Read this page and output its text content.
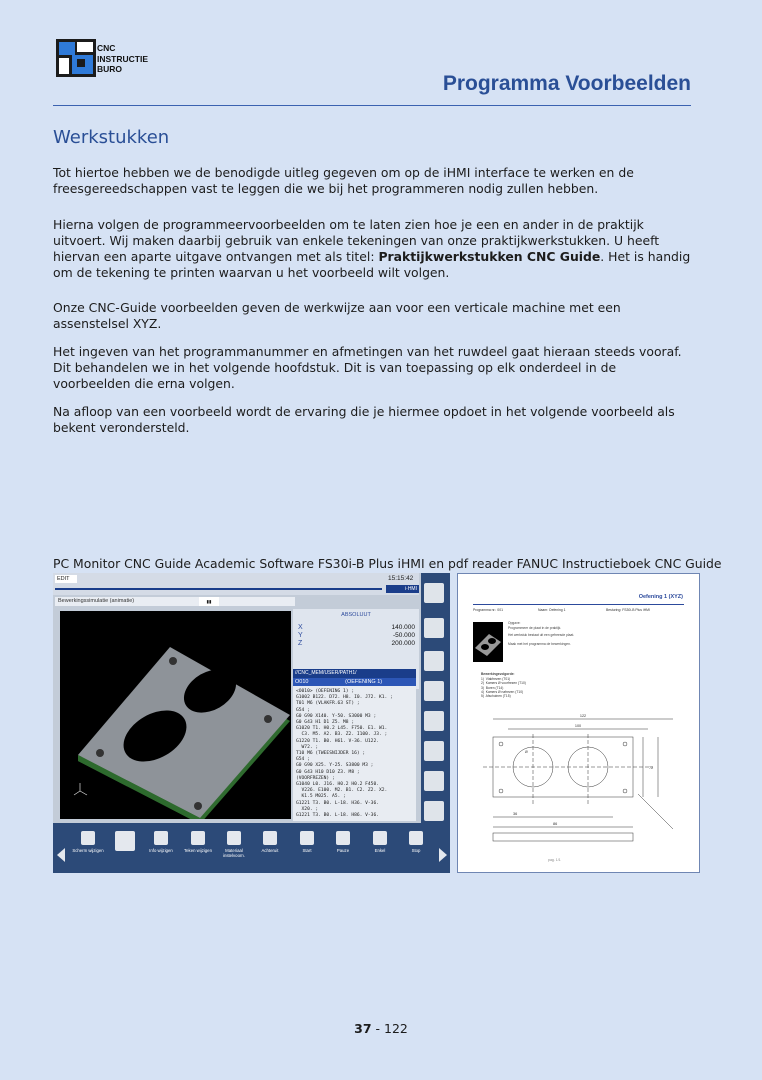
CNC
INSTRUCTIE
BURO
Programma Voorbeelden
Werkstukken
Tot hiertoe hebben we de benodigde uitleg gegeven om op de iHMI interface te werken en de freesgereedschappen vast te leggen die we bij het programmeren nodig zullen hebben.
Hierna volgen de programmeervoorbeelden om te laten zien hoe je een en ander in de praktijk uitvoert. Wij maken daarbij gebruik van enkele tekeningen van onze praktijkwerkstukken. U heeft hiervan een aparte uitgave ontvangen met als titel: Praktijkwerkstukken CNC Guide. Het is handig om de tekening te printen waarvan u het voorbeeld wilt volgen.
Onze CNC-Guide voorbeelden geven de werkwijze aan voor een verticale machine met een assenstelsel XYZ.
Het ingeven van het programmanummer en afmetingen van het ruwdeel gaat hieraan steeds vooraf. Dit behandelen we in het volgende hoofdstuk. Dit is van toepassing op elk onderdeel in de voorbeelden die erna volgen.
Na afloop van een voorbeeld wordt de ervaring die je hiermee opdoet in het volgende voorbeeld als bekent verondersteld.
PC Monitor CNC Guide Academic Software FS30i-B Plus iHMI en pdf reader FANUC Instructieboek CNC Guide
EDIT	15:15:42
i·HMI
Bewerkingssimulatie (animatie)	▮▮
ABSOLUUT
X	140.000
Y	-50.000
Z	200.000
//CNC_MEM/USER/PATH1/
O010	(OEFENING 1)
<O010> (OEFENING 1) ;
G1002 B122. D72. H8. I0. J72. K1. ;
T01 M6 (VLAKFR.63 ST) ;
G54 ;
G0 G90 X140. Y-50. S3000 M3 ;
G0 G43 H1 D1 Z5. M8 ;
G1020 T1. H0.2 L45. F750. E1. W1.
C3. M5. A2. B3. Z2. I100. J3. ;
G1220 T1. B0. H61. V-36. U122.
W72. ;
T10 M6 (TWEESNIJDER 16) ;
G54 ;
G0 G90 X25. Y-25. S3800 M3 ;
G0 G43 H10 D10 Z3. M8 ;
(VOORFREZEN) ;
G1040 L0. J16. H0.2 H0.2 F450.
V226. E100. M2. B1. C2. Z2. X2.
K1.5 M025. A5. ;
G1221 T3. B0. L-18. H36. V-36.
X20. ;
G1221 T3. B0. L-18. H86. V-36.
Scherm wijzigen	Info wijzigen	Teken wijzigen	Materiaal instelvoorn.
Achteruit	Start	Pauze	Enkel	Stop
Oefening 1 (XYZ)
Programma nr.: 001	Naam: Oefening 1	Besturing: FS30i-B Plus iHMI
Opgave:
Programmeer de plaat in de praktijk.
Het werkstuk bestaat uit een gefreesde plaat.
Maak met het programma de bewerkingen.
Bewerkingsvolgorde:
1)  Vlakfrezen (T01)
2)  Kamers Ø voorfrezen (T10)
3)  Boren (T14)
4)  Kamers Ø nafrezen (T10)
5)  Afschuinen (T15)
122
100
Ø
72
36
86
pag. 1/1
37 - 122
